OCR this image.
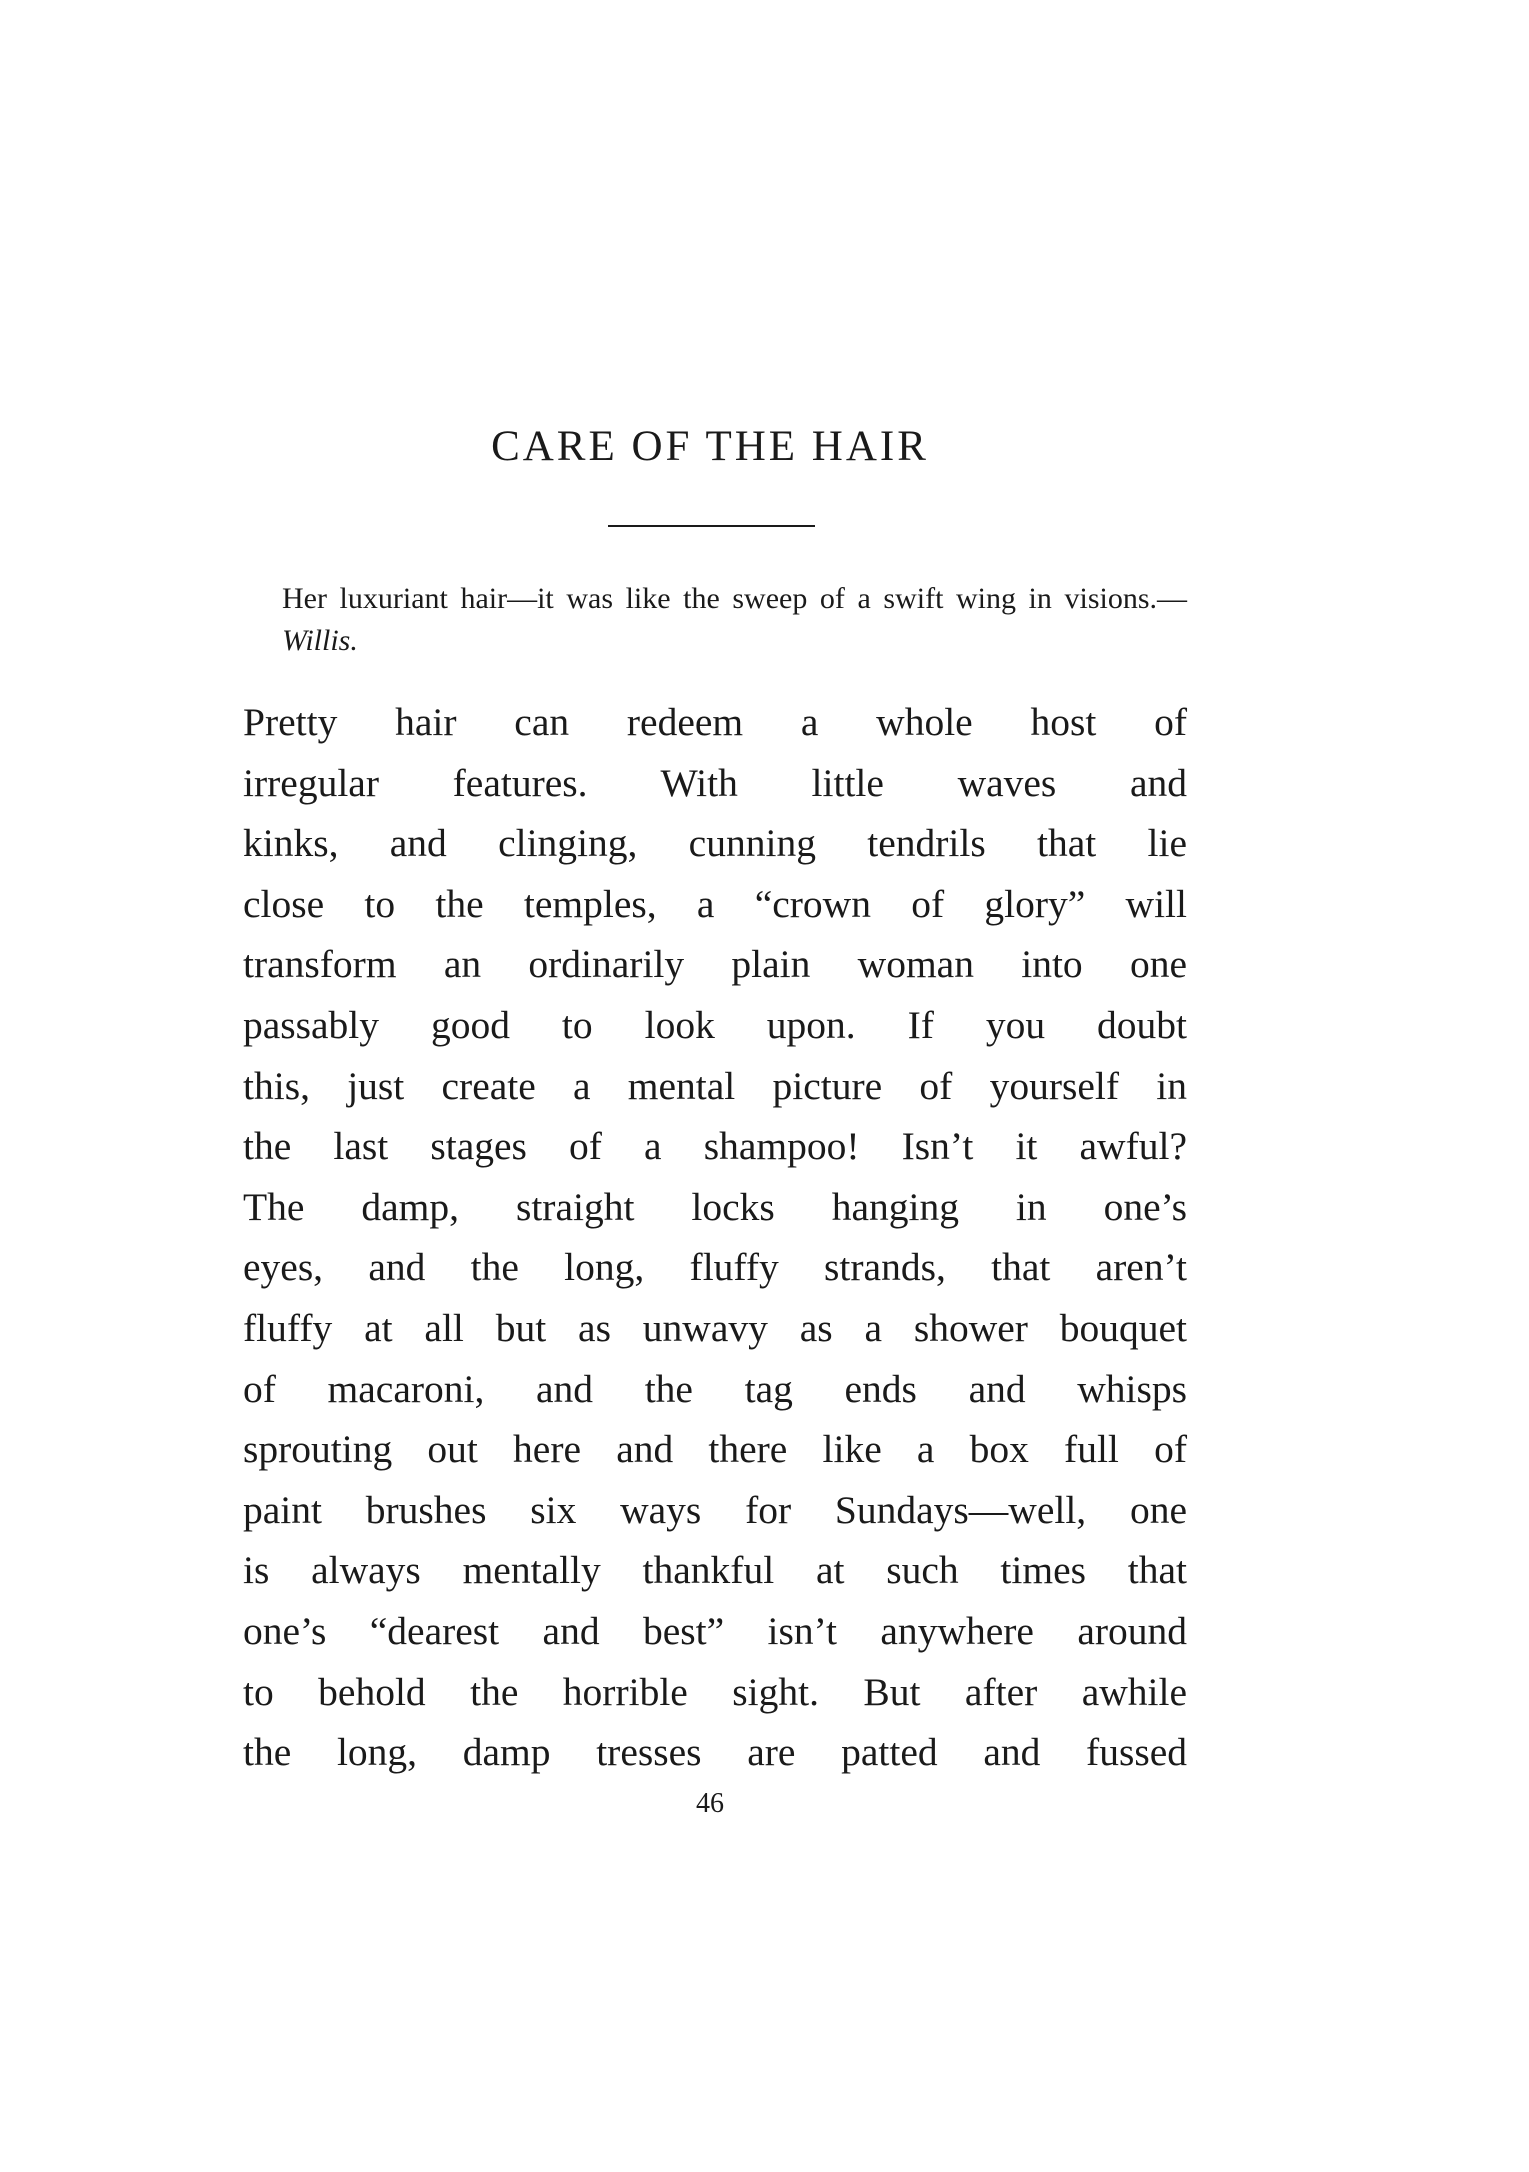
CARE OF THE HAIR
Her luxuriant hair—it was like the sweep of a swift wing in visions.—Willis.
Pretty hair can redeem a whole host of
irregular features. With little waves and
kinks, and clinging, cunning tendrils that lie
close to the temples, a “crown of glory” will
transform an ordinarily plain woman into one
passably good to look upon. If you doubt
this, just create a mental picture of yourself in
the last stages of a shampoo! Isn’t it awful?
The damp, straight locks hanging in one’s
eyes, and the long, fluffy strands, that aren’t
fluffy at all but as unwavy as a shower bouquet
of macaroni, and the tag ends and whisps
sprouting out here and there like a box full of
paint brushes six ways for Sundays—well, one
is always mentally thankful at such times that
one’s “dearest and best” isn’t anywhere around
to behold the horrible sight. But after awhile
the long, damp tresses are patted and fussed
46
